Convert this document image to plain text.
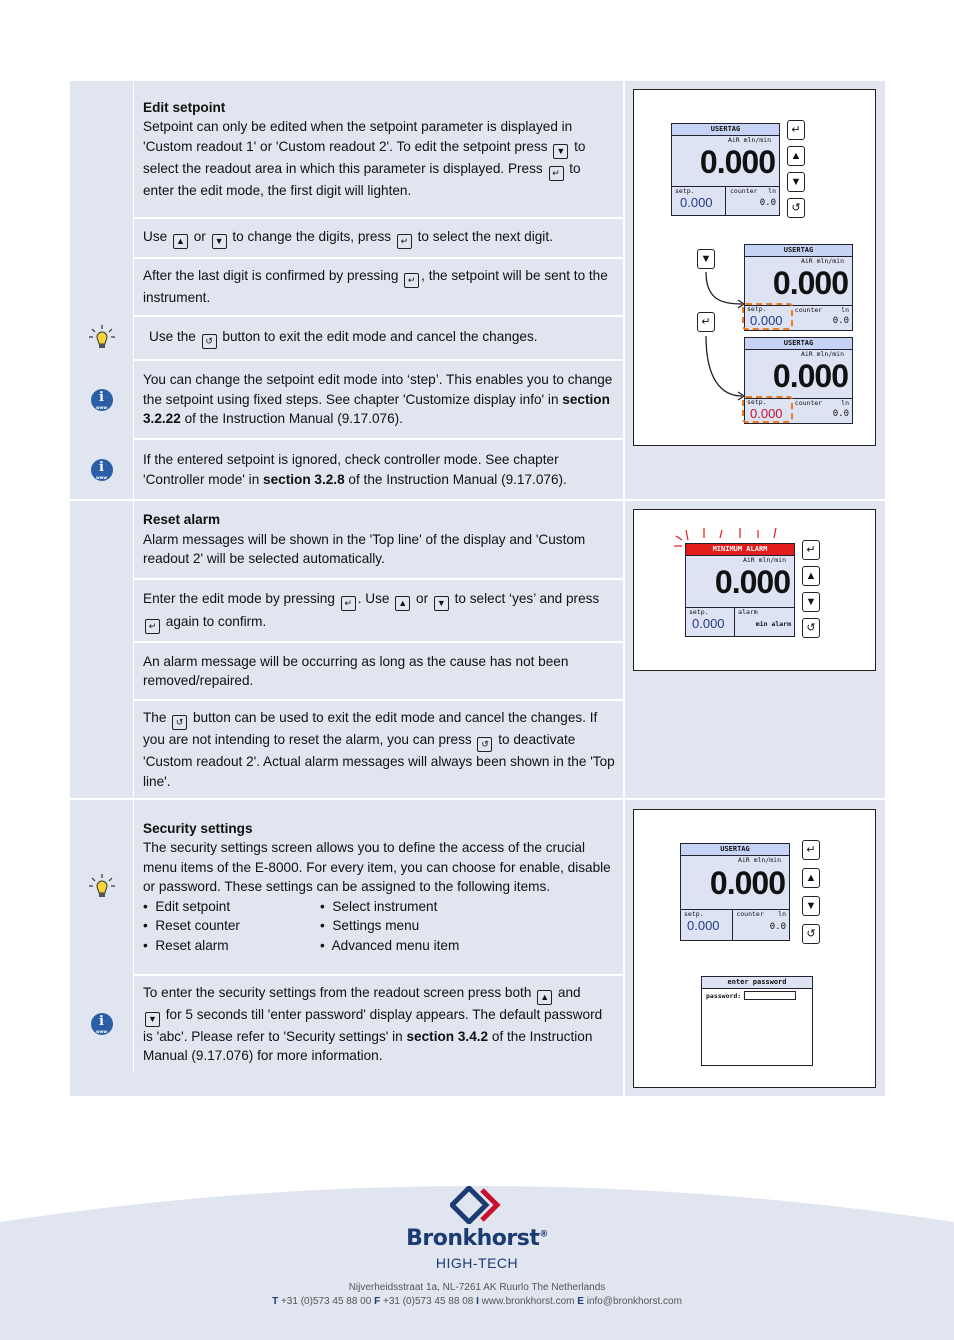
Edit setpoint
Setpoint can only be edited when the setpoint parameter is displayed in 'Custom readout 1' or 'Custom readout 2'. To edit the setpoint press ▼ to select the readout area in which this parameter is displayed. Press ↵ to enter the edit mode, the first digit will lighten.
Use ▲ or ▼ to change the digits, press ↵ to select the next digit.
After the last digit is confirmed by pressing ↵ , the setpoint will be sent to the instrument.
Use the ↺ button to exit the edit mode and cancel the changes.
i www
You can change the setpoint edit mode into ‘step’. This enables you to change the setpoint using fixed steps. See chapter 'Customize display info' in section 3.2.22 of the Instruction Manual (9.17.076).
i www	If the entered setpoint is ignored, check controller mode. See chapter 'Controller mode' in section 3.2.8 of the Instruction Manual (9.17.076).
USERTAG
AiR mln/min
0.000
setp.
0.000
counter ln
0.0
↵
▲
▼
↺
▼
↵
USERTAG
AiR mln/min
0.000
setp.
0.000
counter	ln
0.0
USERTAG
AiR mln/min
0.000
setp.
0.000
counter	ln
0.0
Reset alarm
Alarm messages will be shown in the 'Top line' of the display and 'Custom readout 2' will be selected automatically.
Enter the edit mode by pressing ↵ . Use ▲ or ▼ to select ‘yes’ and press ↵ again to confirm.
An alarm message will be occurring as long as the cause has not been removed/repaired.
The ↺ button can be used to exit the edit mode and cancel the changes. If you are not intending to reset the alarm, you can press ↺ to deactivate 'Custom readout 2'. Actual alarm messages will always been shown in the 'Top line'.
MINIMUM ALARM
AiR mln/min
0.000
setp.
0.000
alarm
min alarm
↵
▲
▼
↺
Security settings
The security settings screen allows you to define the access of the crucial menu items of the E-8000. For every item, you can choose for enable, disable or password. These settings can be assigned to the following items.
•  Edit setpoint
•  Reset counter
•  Reset alarm
•  Select instrument
•  Settings menu
•  Advanced menu item
i www
To enter the security settings from the readout screen press both ▲ and
▼ for 5 seconds till 'enter password' display appears. The default password is 'abc'. Please refer to 'Security settings' in section 3.4.2 of the Instruction Manual (9.17.076) for more information.
USERTAG
AiR mln/min
0.000
setp.
0.000
counter ln
0.0
↵
▲
▼
↺
enter password
password:
Bronkhorst®
HIGH-TECH
Nijverheidsstraat 1a, NL-7261 AK Ruurlo The Netherlands
T +31 (0)573 45 88 00 F +31 (0)573 45 88 08 I www.bronkhorst.com E info@bronkhorst.com
